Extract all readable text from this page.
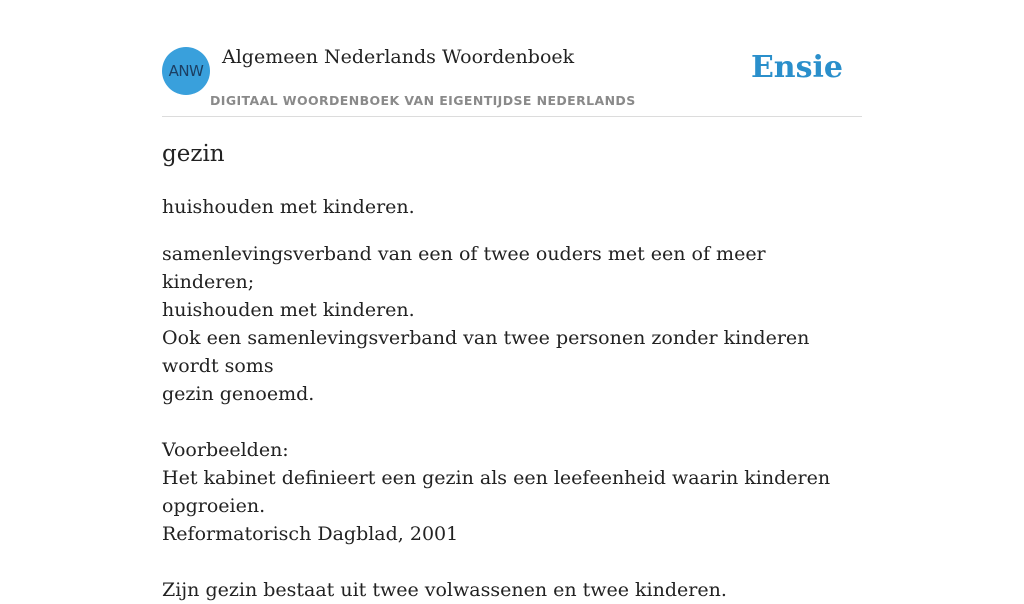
ANW
Algemeen Nederlands Woordenboek
DIGITAAL WOORDENBOEK VAN EIGENTIJDSE NEDERLANDS
Ensie
gezin

huishouden met kinderen.

samenlevingsverband van een of twee ouders met een of meer kinderen;
huishouden met kinderen.
Ook een samenlevingsverband van twee personen zonder kinderen wordt soms
gezin genoemd.
Voorbeelden:
Het kabinet definieert een gezin als een leefeenheid waarin kinderen opgroeien.
Reformatorisch Dagblad, 2001
Zijn gezin bestaat uit twee volwassenen en twee kinderen.
